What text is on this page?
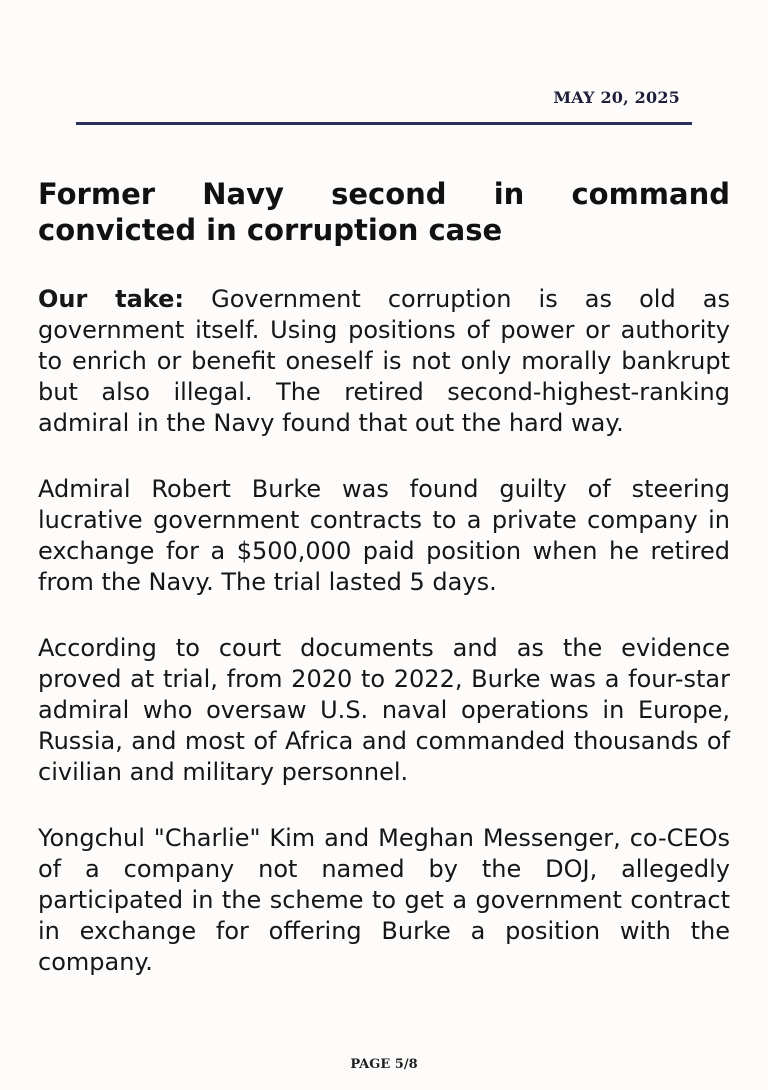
MAY 20, 2025
Former Navy second in command convicted in corruption case

Our take: Government corruption is as old as government itself. Using positions of power or authority to enrich or benefit oneself is not only morally bankrupt but also illegal. The retired second-highest-ranking admiral in the Navy found that out the hard way.

Admiral Robert Burke was found guilty of steering lucrative government contracts to a private company in exchange for a $500,000 paid position when he retired from the Navy. The trial lasted 5 days.

According to court documents and as the evidence proved at trial, from 2020 to 2022, Burke was a four-star admiral who oversaw U.S. naval operations in Europe, Russia, and most of Africa and commanded thousands of civilian and military personnel.

Yongchul "Charlie" Kim and Meghan Messenger, co-CEOs of a company not named by the DOJ, allegedly participated in the scheme to get a government contract in exchange for offering Burke a position with the company.

PAGE 5/8
